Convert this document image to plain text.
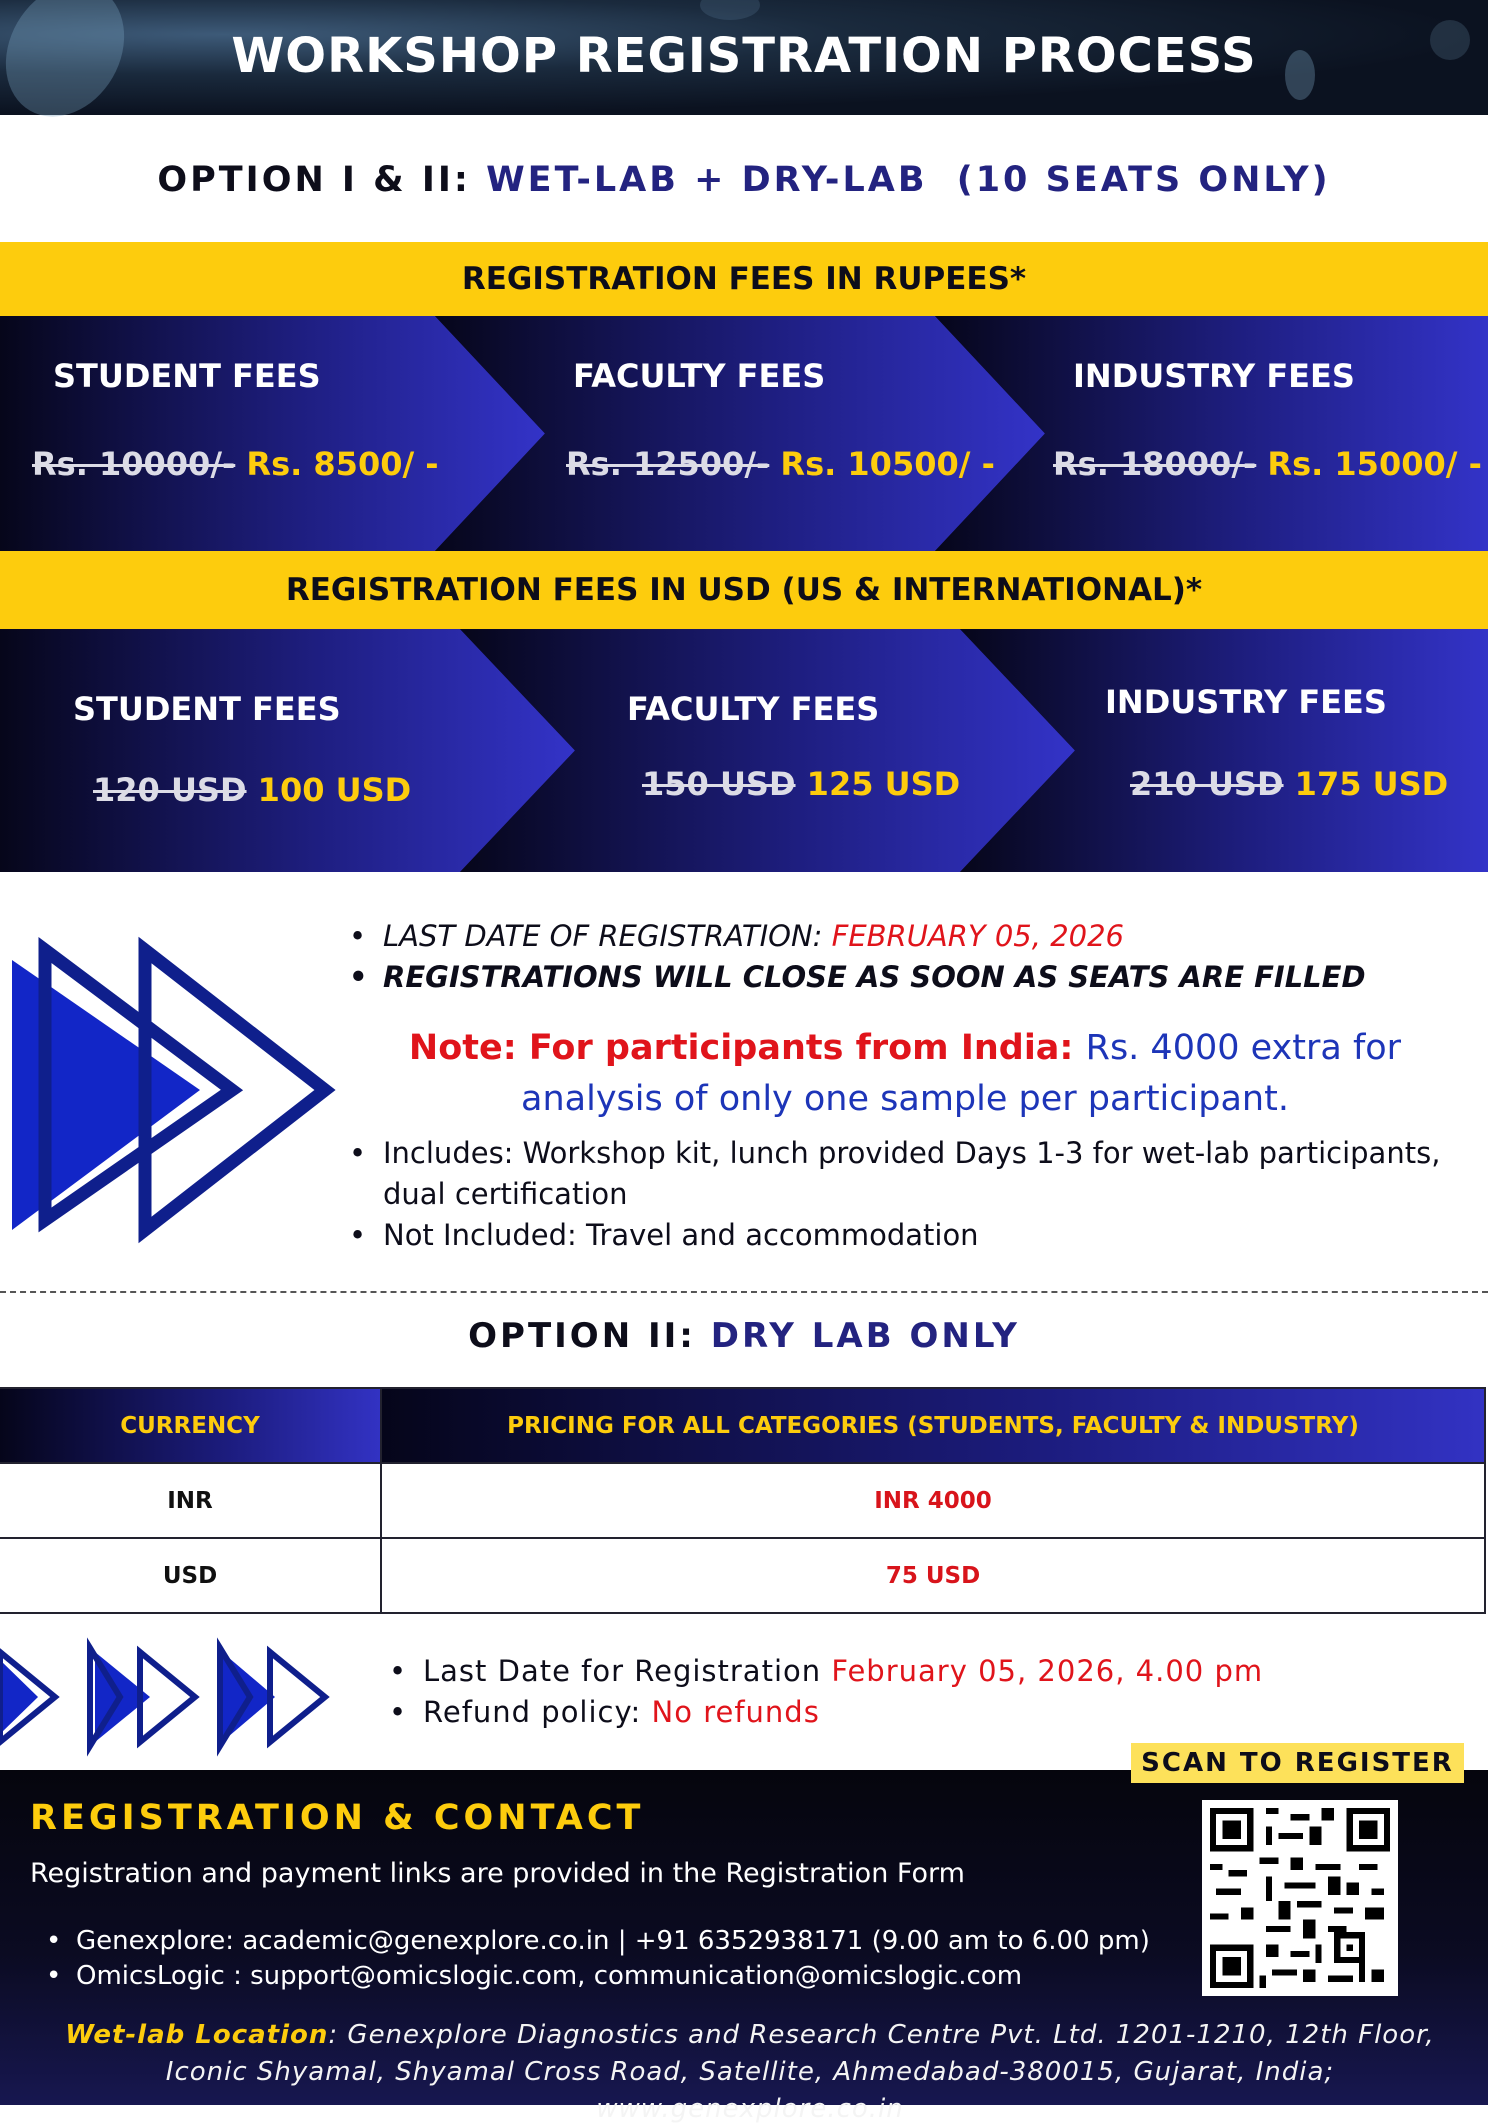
WORKSHOP REGISTRATION PROCESS
OPTION I & II: WET-LAB + DRY-LAB (10 SEATS ONLY)
REGISTRATION FEES IN RUPEES*
STUDENT FEES
Rs. 10000/- Rs. 8500/ -
FACULTY FEES
Rs. 12500/- Rs. 10500/ -
INDUSTRY FEES
Rs. 18000/- Rs. 15000/ -
REGISTRATION FEES IN USD (US & INTERNATIONAL)*
STUDENT FEES
120 USD 100 USD
FACULTY FEES
150 USD 125 USD
INDUSTRY FEES
210 USD 175 USD
• LAST DATE OF REGISTRATION: FEBRUARY 05, 2026
• REGISTRATIONS WILL CLOSE AS SOON AS SEATS ARE FILLED
Note: For participants from India: Rs. 4000 extra for analysis of only one sample per participant.
• Includes: Workshop kit, lunch provided Days 1-3 for wet-lab participants, dual certification
• Not Included: Travel and accommodation
OPTION II: DRY LAB ONLY
CURRENCY	PRICING FOR ALL CATEGORIES (STUDENTS, FACULTY & INDUSTRY)
INR	INR 4000
USD	75 USD
• Last Date for Registration February 05, 2026, 4.00 pm
• Refund policy: No refunds
REGISTRATION & CONTACT
Registration and payment links are provided in the Registration Form
• Genexplore: academic@genexplore.co.in | +91 6352938171 (9.00 am to 6.00 pm)
• OmicsLogic : support@omicslogic.com, communication@omicslogic.com
Wet-lab Location: Genexplore Diagnostics and Research Centre Pvt. Ltd. 1201-1210, 12th Floor, Iconic Shyamal, Shyamal Cross Road, Satellite, Ahmedabad-380015, Gujarat, India; www.genexplore.co.in
SCAN TO REGISTER
